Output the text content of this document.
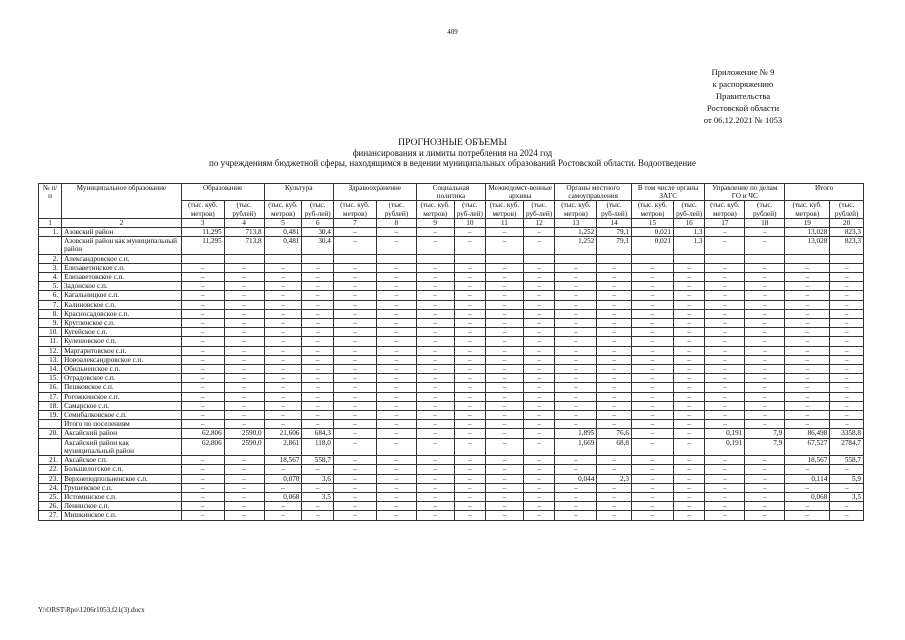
409
Приложение № 9
к распоряжению
Правительства
Ростовской области
от 06.12.2021 № 1053
ПРОГНОЗНЫЕ ОБЪЕМЫ
финансирования и лимиты потребления на 2024 год
по учреждениям бюджетной сферы, находящимся в ведении муниципальных образований Ростовской области. Водоотведение
№ п/п	Муниципальное образование	Образование		Культура		Здравоохранение		Социальная политика		Межведомст-венные архивы		Органы местного самоуправления		В том числе органы ЗАГС		Управление по делам ГО и ЧС		Итого	
		(тыс. куб. метров)	(тыс. рублей)	(тыс. куб. метров)	(тыс. руб-лей)	(тыс. куб. метров)	(тыс. рублей)	(тыс. куб. метров)	(тыс. руб-лей)	(тыс. куб. метров)	(тыс. руб-лей)	(тыс. куб. метров)	(тыс. руб-лей)	(тыс. куб. метров)	(тыс. руб-лей)	(тыс. куб. метров)	(тыс. рублей)	(тыс. куб. метров)	(тыс. рублей)
1	2	3	4	5	6	7	8	9	10	11	12	13	14	15	16	17	18	19	20
1.	Азовский район	11,295	713,8	0,481	30,4	–	–	–	–	–	–	1,252	79,1	0,021	1,3	–	–	13,028	823,3
	Азовский район как муниципальный район	11,295	713,8	0,481	30,4	–	–	–	–	–	–	1,252	79,1	0,021	1,3	–	–	13,028	823,3
2.	Александровское с.п.																		
3.	Елизаветинское с.п.	–	–	–	–	–	–	–	–	–	–	–	–	–	–	–	–	–	–
4.	Елизаветовское с.п.	–	–	–	–	–	–	–	–	–	–	–	–	–	–	–	–	–	–
5.	Задонское с.п.	–	–	–	–	–	–	–	–	–	–	–	–	–	–	–	–	–	–
6.	Кагальницкое с.п.	–	–	–	–	–	–	–	–	–	–	–	–	–	–	–	–	–	–
7.	Калиновское с.п.	–	–	–	–	–	–	–	–	–	–	–	–	–	–	–	–	–	–
8.	Красносадовское с.п.	–	–	–	–	–	–	–	–	–	–	–	–	–	–	–	–	–	–
9.	Кругленское с.п.	–	–	–	–	–	–	–	–	–	–	–	–	–	–	–	–	–	–
10.	Кугейское с.п.	–	–	–	–	–	–	–	–	–	–	–	–	–	–	–	–	–	–
11.	Кулешовское с.п.	–	–	–	–	–	–	–	–	–	–	–	–	–	–	–	–	–	–
12.	Маргаритовское с.п.	–	–	–	–	–	–	–	–	–	–	–	–	–	–	–	–	–	–
13.	Новоалександровское с.п.	–	–	–	–	–	–	–	–	–	–	–	–	–	–	–	–	–	–
14.	Обильненское с.п.	–	–	–	–	–	–	–	–	–	–	–	–	–	–	–	–	–	–
15.	Отрадовское с.п.	–	–	–	–	–	–	–	–	–	–	–	–	–	–	–	–	–	–
16.	Пешковское с.п.	–	–	–	–	–	–	–	–	–	–	–	–	–	–	–	–	–	–
17.	Рогожкинское с.п.	–	–	–	–	–	–	–	–	–	–	–	–	–	–	–	–	–	–
18.	Самарское с.п.	–	–	–	–	–	–	–	–	–	–	–	–	–	–	–	–	–	–
19.	Семибалковское с.п.	–	–	–	–	–	–	–	–	–	–	–	–	–	–	–	–	–	–
	Итого по поселениям	–	–	–	–	–	–	–	–	–	–	–	–	–	–	–	–	–	–
20.	Аксайский район	62,806	2590,0	21,606	684,3	–	–	–	–	–	–	1,895	76,6	–	–	0,191	7,9	86,498	3358,8
	Аксайский район как муниципальный район	62,806	2590,0	2,861	118,0	–	–	–	–	–	–	1,669	68,8	–	–	0,191	7,9	67,527	2784,7
21.	Аксайское г.п.	–	–	18,567	558,7	–	–	–	–	–	–	–	–	–	–	–	–	18,567	558,7
22.	Большелогское с.п.	–	–	–	–	–	–	–	–	–	–	–	–	–	–	–	–	–	–
23.	Верхнеподпольненское с.п.	–	–	0,070	3,6	–	–	–	–	–	–	0,044	2,3	–	–	–	–	0,114	5,9
24.	Грушевское с.п.	–	–	–	–	–	–	–	–	–	–	–	–	–	–	–	–	–	–
25.	Истоминское с.п.	–	–	0,068	3,5	–	–	–	–	–	–	–	–	–	–	–	–	0,068	3,5
26.	Ленинское с.п.	–	–	–	–	–	–	–	–	–	–	–	–	–	–	–	–	–	–
27.	Мишкинское с.п.	–	–	–	–	–	–	–	–	–	–	–	–	–	–	–	–	–	–
Y:\ORST\Rpo\1206r1053.f21(3).docx
